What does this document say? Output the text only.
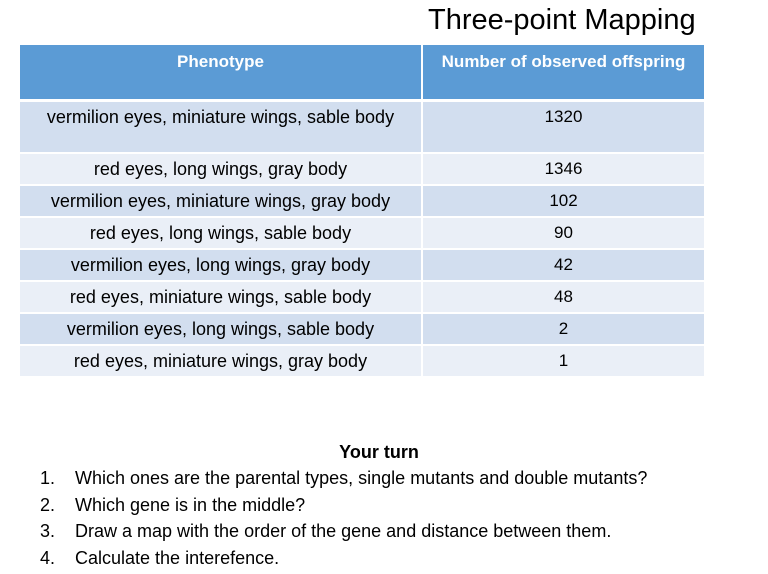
Three-point Mapping
Phenotype	Number of observed offspring
vermilion eyes, miniature wings, sable body	1320
red eyes, long wings, gray body	1346
vermilion eyes, miniature wings, gray body	102
red eyes, long wings, sable body	90
vermilion eyes, long wings, gray body	42
red eyes, miniature wings, sable body	48
vermilion eyes, long wings, sable body	2
red eyes, miniature wings, gray body	1
Your turn
1. Which ones are the parental types, single mutants and double mutants?
2. Which gene is in the middle?
3. Draw a map with the order of the gene and distance between them.
4. Calculate the interefence.
